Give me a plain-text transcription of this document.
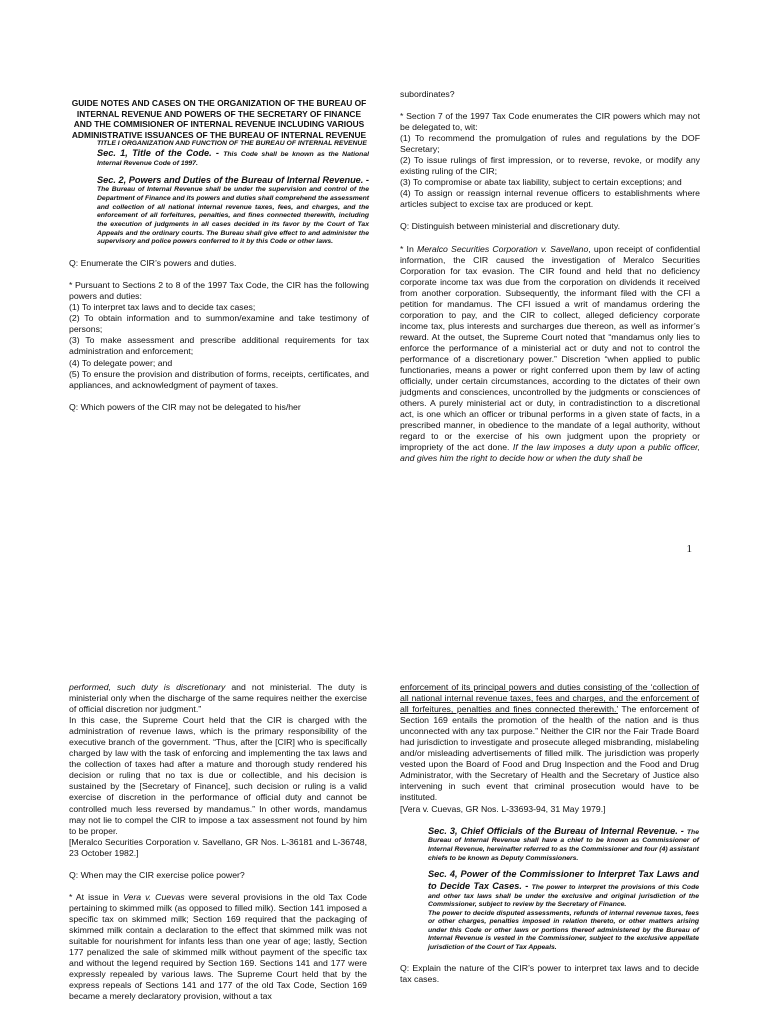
GUIDE NOTES AND CASES ON THE ORGANIZATION OF THE BUREAU OF INTERNAL REVENUE AND POWERS OF THE SECRETARY OF FINANCE AND THE COMMISIONER OF INTERNAL REVENUE INCLUDING VARIOUS ADMINISTRATIVE ISSUANCES OF THE BUREAU OF INTERNAL REVENUE

TITLE I ORGANIZATION AND FUNCTION OF THE BUREAU OF INTERNAL REVENUE

Sec. 1, Title of the Code. - This Code shall be known as the National Internal Revenue Code of 1997.

Sec. 2, Powers and Duties of the Bureau of Internal Revenue. - The Bureau of Internal Revenue shall be under the supervision and control of the Department of Finance and its powers and duties shall comprehend the assessment and collection of all national internal revenue taxes, fees, and charges, and the enforcement of all forfeitures, penalties, and fines connected therewith, including the execution of judgments in all cases decided in its favor by the Court of Tax Appeals and the ordinary courts. The Bureau shall give effect to and administer the supervisory and police powers conferred to it by this Code or other laws.

Q: Enumerate the CIR’s powers and duties.

* Pursuant to Sections 2 to 8 of the 1997 Tax Code, the CIR has the following powers and duties:

(1) To interpret tax laws and to decide tax cases;

(2) To obtain information and to summon/examine and take testimony of persons;

(3) To make assessment and prescribe additional requirements for tax administration and enforcement;

(4) To delegate power; and

(5) To ensure the provision and distribution of forms, receipts, certificates, and appliances, and acknowledgment of payment of taxes.

Q: Which powers of the CIR may not be delegated to his/her

subordinates?

* Section 7 of the 1997 Tax Code enumerates the CIR powers which may not be delegated to, wit:

(1) To recommend the promulgation of rules and regulations by the DOF Secretary;

(2) To issue rulings of first impression, or to reverse, revoke, or modify any existing ruling of the CIR;

(3) To compromise or abate tax liability, subject to certain exceptions; and

(4) To assign or reassign internal revenue officers to establishments where articles subject to excise tax are produced or kept.

Q: Distinguish between ministerial and discretionary duty.

* In Meralco Securities Corporation v. Savellano, upon receipt of confidential information, the CIR caused the investigation of Meralco Securities Corporation for tax evasion. The CIR found and held that no deficiency corporate income tax was due from the corporation on dividends it received from another corporation. Subsequently, the informant filed with the CFI a petition for mandamus. The CFI issued a writ of mandamus ordering the corporation to pay, and the CIR to collect, alleged deficiency corporate income tax, plus interests and surcharges due thereon, as well as informer’s reward. At the outset, the Supreme Court noted that “mandamus only lies to enforce the performance of a ministerial act or duty and not to control the performance of a discretionary power.” Discretion “when applied to public functionaries, means a power or right conferred upon them by law of acting officially, under certain circumstances, according to the dictates of their own judgments and consciences, uncontrolled by the judgments or consciences of others. A purely ministerial act or duty, in contradistinction to a discretional act, is one which an officer or tribunal performs in a given state of facts, in a prescribed manner, in obedience to the mandate of a legal authority, without regard to or the exercise of his own judgment upon the propriety or impropriety of the act done. If the law imposes a duty upon a public officer, and gives him the right to decide how or when the duty shall be

1

performed, such duty is discretionary and not ministerial. The duty is ministerial only when the discharge of the same requires neither the exercise of official discretion nor judgment.”

In this case, the Supreme Court held that the CIR is charged with the administration of revenue laws, which is the primary responsibility of the executive branch of the government. “Thus, after the [CIR] who is specifically charged by law with the task of enforcing and implementing the tax laws and the collection of taxes had after a mature and thorough study rendered his decision or ruling that no tax is due or collectible, and his decision is sustained by the [Secretary of Finance], such decision or ruling is a valid exercise of discretion in the performance of official duty and cannot be controlled much less reversed by mandamus.” In other words, mandamus may not lie to compel the CIR to impose a tax assessment not found by him to be proper.

[Meralco Securities Corporation v. Savellano, GR Nos. L-36181 and L-36748, 23 October 1982.]

Q: When may the CIR exercise police power?

* At issue in Vera v. Cuevas were several provisions in the old Tax Code pertaining to skimmed milk (as opposed to filled milk). Section 141 imposed a specific tax on skimmed milk; Section 169 required that the packaging of skimmed milk contain a declaration to the effect that skimmed milk was not suitable for nourishment for infants less than one year of age; lastly, Section 177 penalized the sale of skimmed milk without payment of the specific tax and without the legend required by Section 169. Sections 141 and 177 were expressly repealed by various laws. The Supreme Court held that by the express repeals of Sections 141 and 177 of the old Tax Code, Section 169 became a merely declaratory provision, without a tax

enforcement of its principal powers and duties consisting of the ‘collection of all national internal revenue taxes, fees and charges, and the enforcement of all forfeitures, penalties and fines connected therewith.’ The enforcement of Section 169 entails the promotion of the health of the nation and is thus unconnected with any tax purpose.” Neither the CIR nor the Fair Trade Board had jurisdiction to investigate and prosecute alleged misbranding, mislabeling and/or misleading advertisements of filled milk. The jurisdiction was properly vested upon the Board of Food and Drug Inspection and the Food and Drug Administrator, with the Secretary of Health and the Secretary of Justice also intervening in such event that criminal prosecution would have to be instituted.

[Vera v. Cuevas, GR Nos. L-33693-94, 31 May 1979.]

Sec. 3, Chief Officials of the Bureau of Internal Revenue. - The Bureau of Internal Revenue shall have a chief to be known as Commissioner of Internal Revenue, hereinafter referred to as the Commissioner and four (4) assistant chiefs to be known as Deputy Commissioners.

Sec. 4, Power of the Commissioner to Interpret Tax Laws and to Decide Tax Cases. - The power to interpret the provisions of this Code and other tax laws shall be under the exclusive and original jurisdiction of the Commissioner, subject to review by the Secretary of Finance.

The power to decide disputed assessments, refunds of internal revenue taxes, fees or other charges, penalties imposed in relation thereto, or other matters arising under this Code or other laws or portions thereof administered by the Bureau of Internal Revenue is vested in the Commissioner, subject to the exclusive appellate jurisdiction of the Court of Tax Appeals.

Q: Explain the nature of the CIR’s power to interpret tax laws and to decide tax cases.
